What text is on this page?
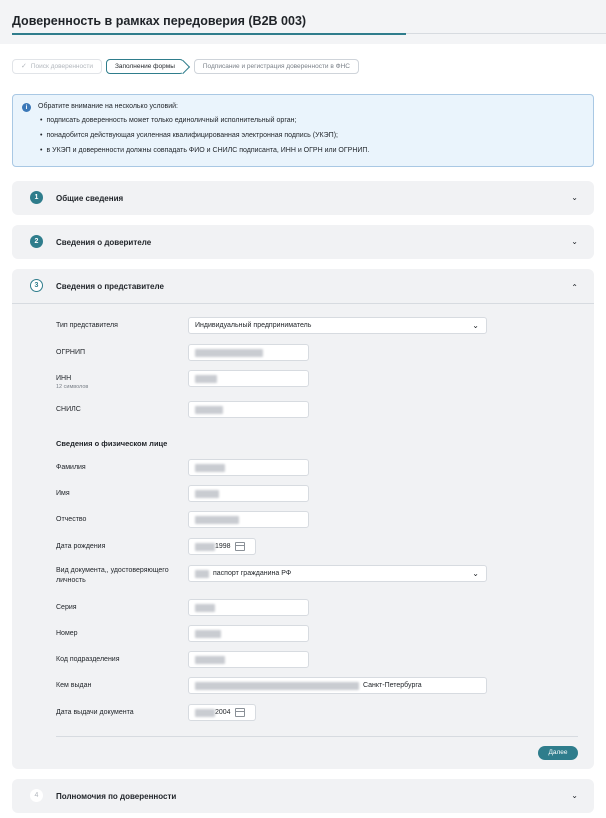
Доверенность в рамках передоверия (B2B 003)
✓ Поиск доверенности	Заполнение формы	Подписание и регистрация доверенности в ФНС
i	Обратите внимание на несколько условий:
• подписать доверенность может только единоличный исполнительный орган;
• понадобится действующая усиленная квалифицированная электронная подпись (УКЭП);
• в УКЭП и доверенности должны совпадать ФИО и СНИЛС подписанта, ИНН и ОГРН или ОГРНИП.
1	Общие сведения	⌄
2	Сведения о доверителе	⌄
3	Сведения о представителе	⌃
Тип представителя	Индивидуальный предприниматель	⌄
ОГРНИП
ИНН
12 символов
СНИЛС
Сведения о физическом лице
Фамилия
Имя
Отчество
Дата рождения	1998
Вид документа,, удостоверяющего личность
паспорт гражданина РФ	⌄
Серия
Номер
Код подразделения
Кем выдан	Санкт-Петербурга
Дата выдачи документа	2004
Далее
4	Полномочия по доверенности	⌄
